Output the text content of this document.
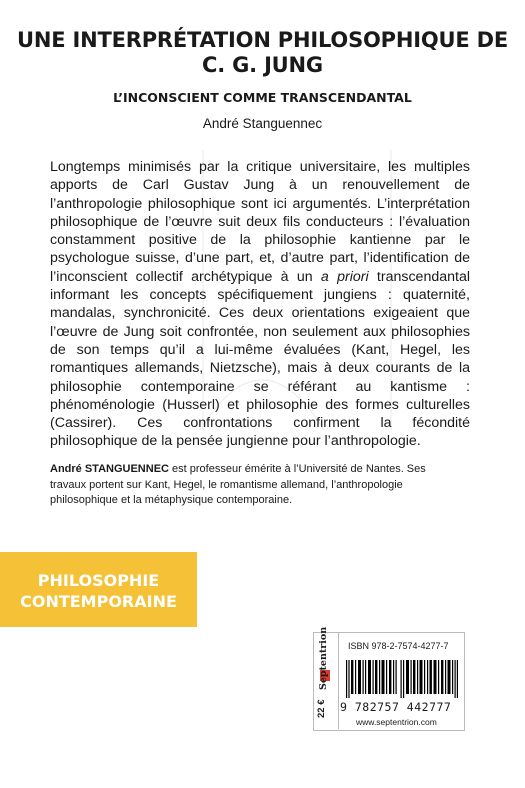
UNE INTERPRÉTATION PHILOSOPHIQUE DE
C. G. JUNG
L’INCONSCIENT COMME TRANSCENDANTAL
André Stanguennec
Longtemps minimisés par la critique universitaire, les multiples apports de Carl Gustav Jung à un renouvellement de l’anthropologie philosophique sont ici argumentés. L’interprétation philosophique de l’œuvre suit deux fils conducteurs : l’évaluation constamment positive de la philosophie kantienne par le psychologue suisse, d’une part, et, d’autre part, l’identification de l’inconscient collectif archétypique à un a priori transcendantal informant les concepts spécifiquement jungiens : quaternité, mandalas, synchronicité. Ces deux orientations exigeaient que l’œuvre de Jung soit confrontée, non seulement aux philosophies de son temps qu’il a lui-même évaluées (Kant, Hegel, les romantiques allemands, Nietzsche), mais à deux courants de la philosophie contemporaine se référant au kantisme : phénoménologie (Husserl) et philosophie des formes culturelles (Cassirer). Ces confrontations confirment la fécondité philosophique de la pensée jungienne pour l’anthropologie.
André STANGUENNEC est professeur émérite à l’Université de Nantes. Ses travaux portent sur Kant, Hegel, le romantisme allemand, l’anthropologie philosophique et la métaphysique contemporaine.
PHILOSOPHIE
CONTEMPORAINE
22 €
Septentrion ISBN 978-2-7574-4277-7
9 782757 442777
www.septentrion.com
